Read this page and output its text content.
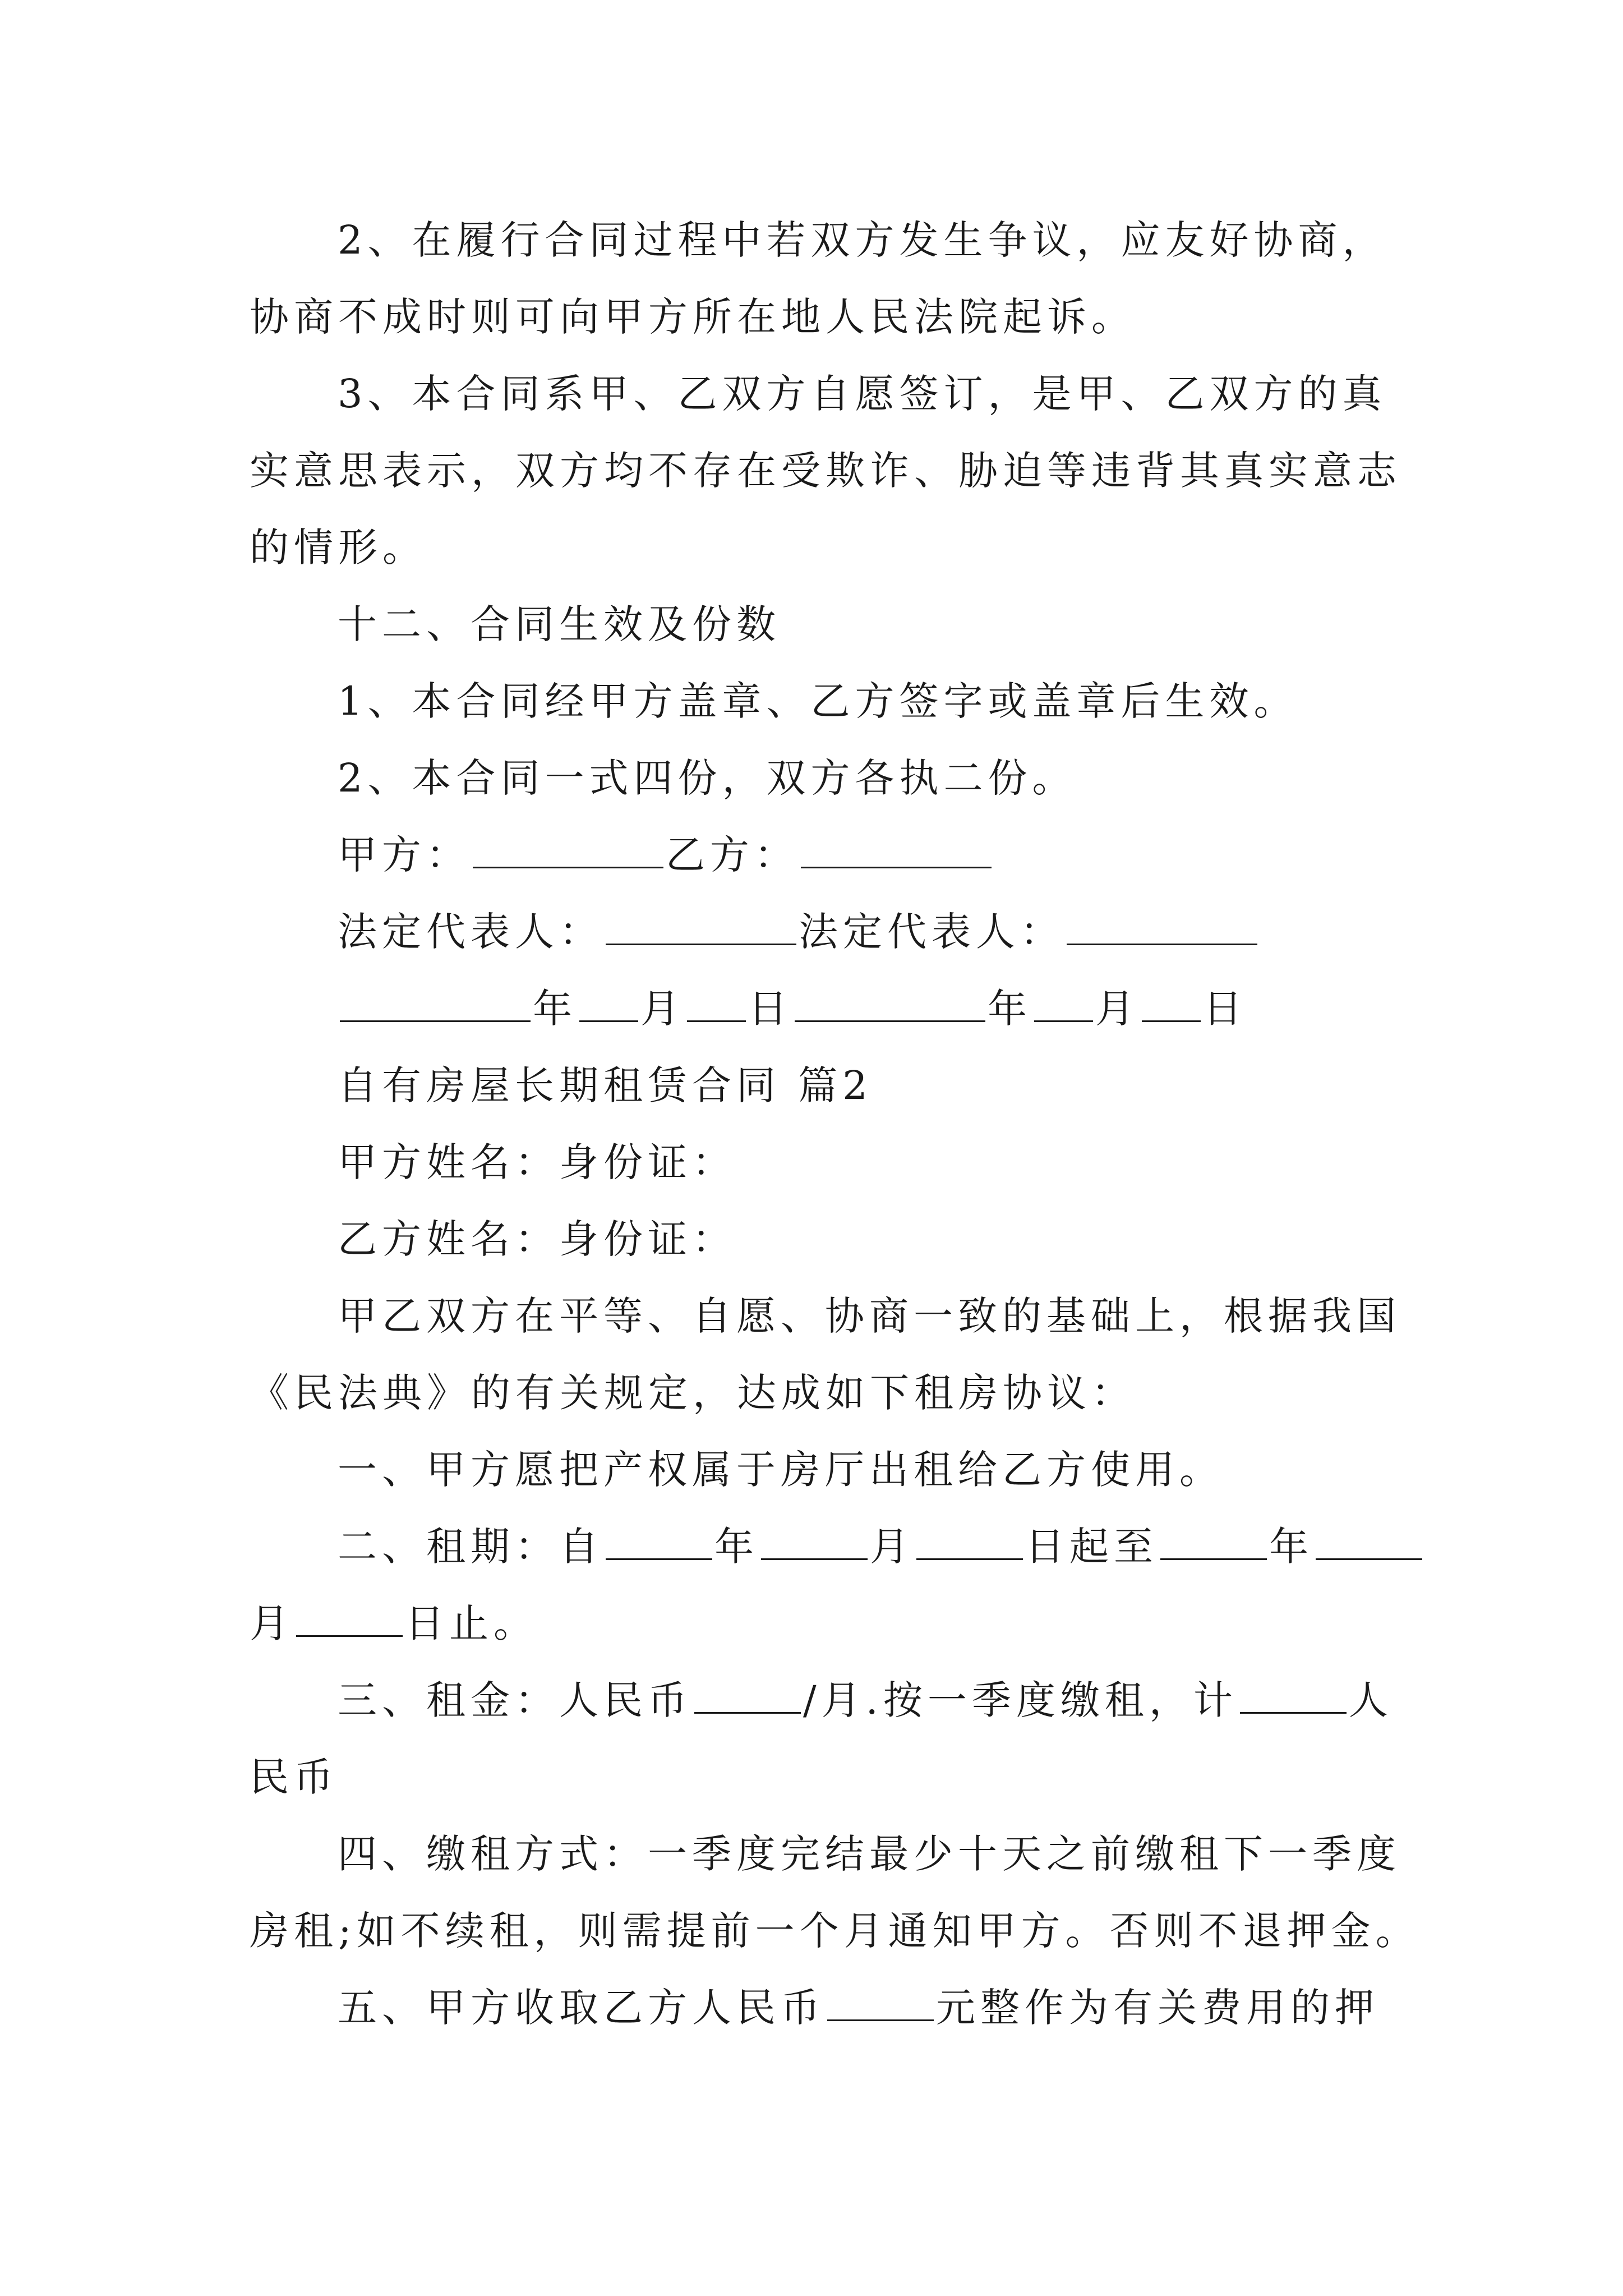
2、在履行合同过程中若双方发生争议，应友好协商，
协商不成时则可向甲方所在地人民法院起诉。
3、本合同系甲、乙双方自愿签订，是甲、乙双方的真
实意思表示，双方均不存在受欺诈、胁迫等违背其真实意志
的情形。
十二、合同生效及份数
1、本合同经甲方盖章、乙方签字或盖章后生效。
2、本合同一式四份，双方各执二份。
甲方：	乙方：
法定代表人：	法定代表人：
年 月 日	年 月 日
自有房屋长期租赁合同 篇2
甲方姓名：身份证：
乙方姓名：身份证：
甲乙双方在平等、自愿、协商一致的基础上，根据我国
《民法典》的有关规定，达成如下租房协议：
一、甲方愿把产权属于房厅出租给乙方使用。
二、租期：自	年	月	日起至	年
月	日止。
三、租金：人民币	/月.按一季度缴租，计	人
民币
四、缴租方式：一季度完结最少十天之前缴租下一季度
房租;如不续租，则需提前一个月通知甲方。否则不退押金。
五、甲方收取乙方人民币	元整作为有关费用的押
